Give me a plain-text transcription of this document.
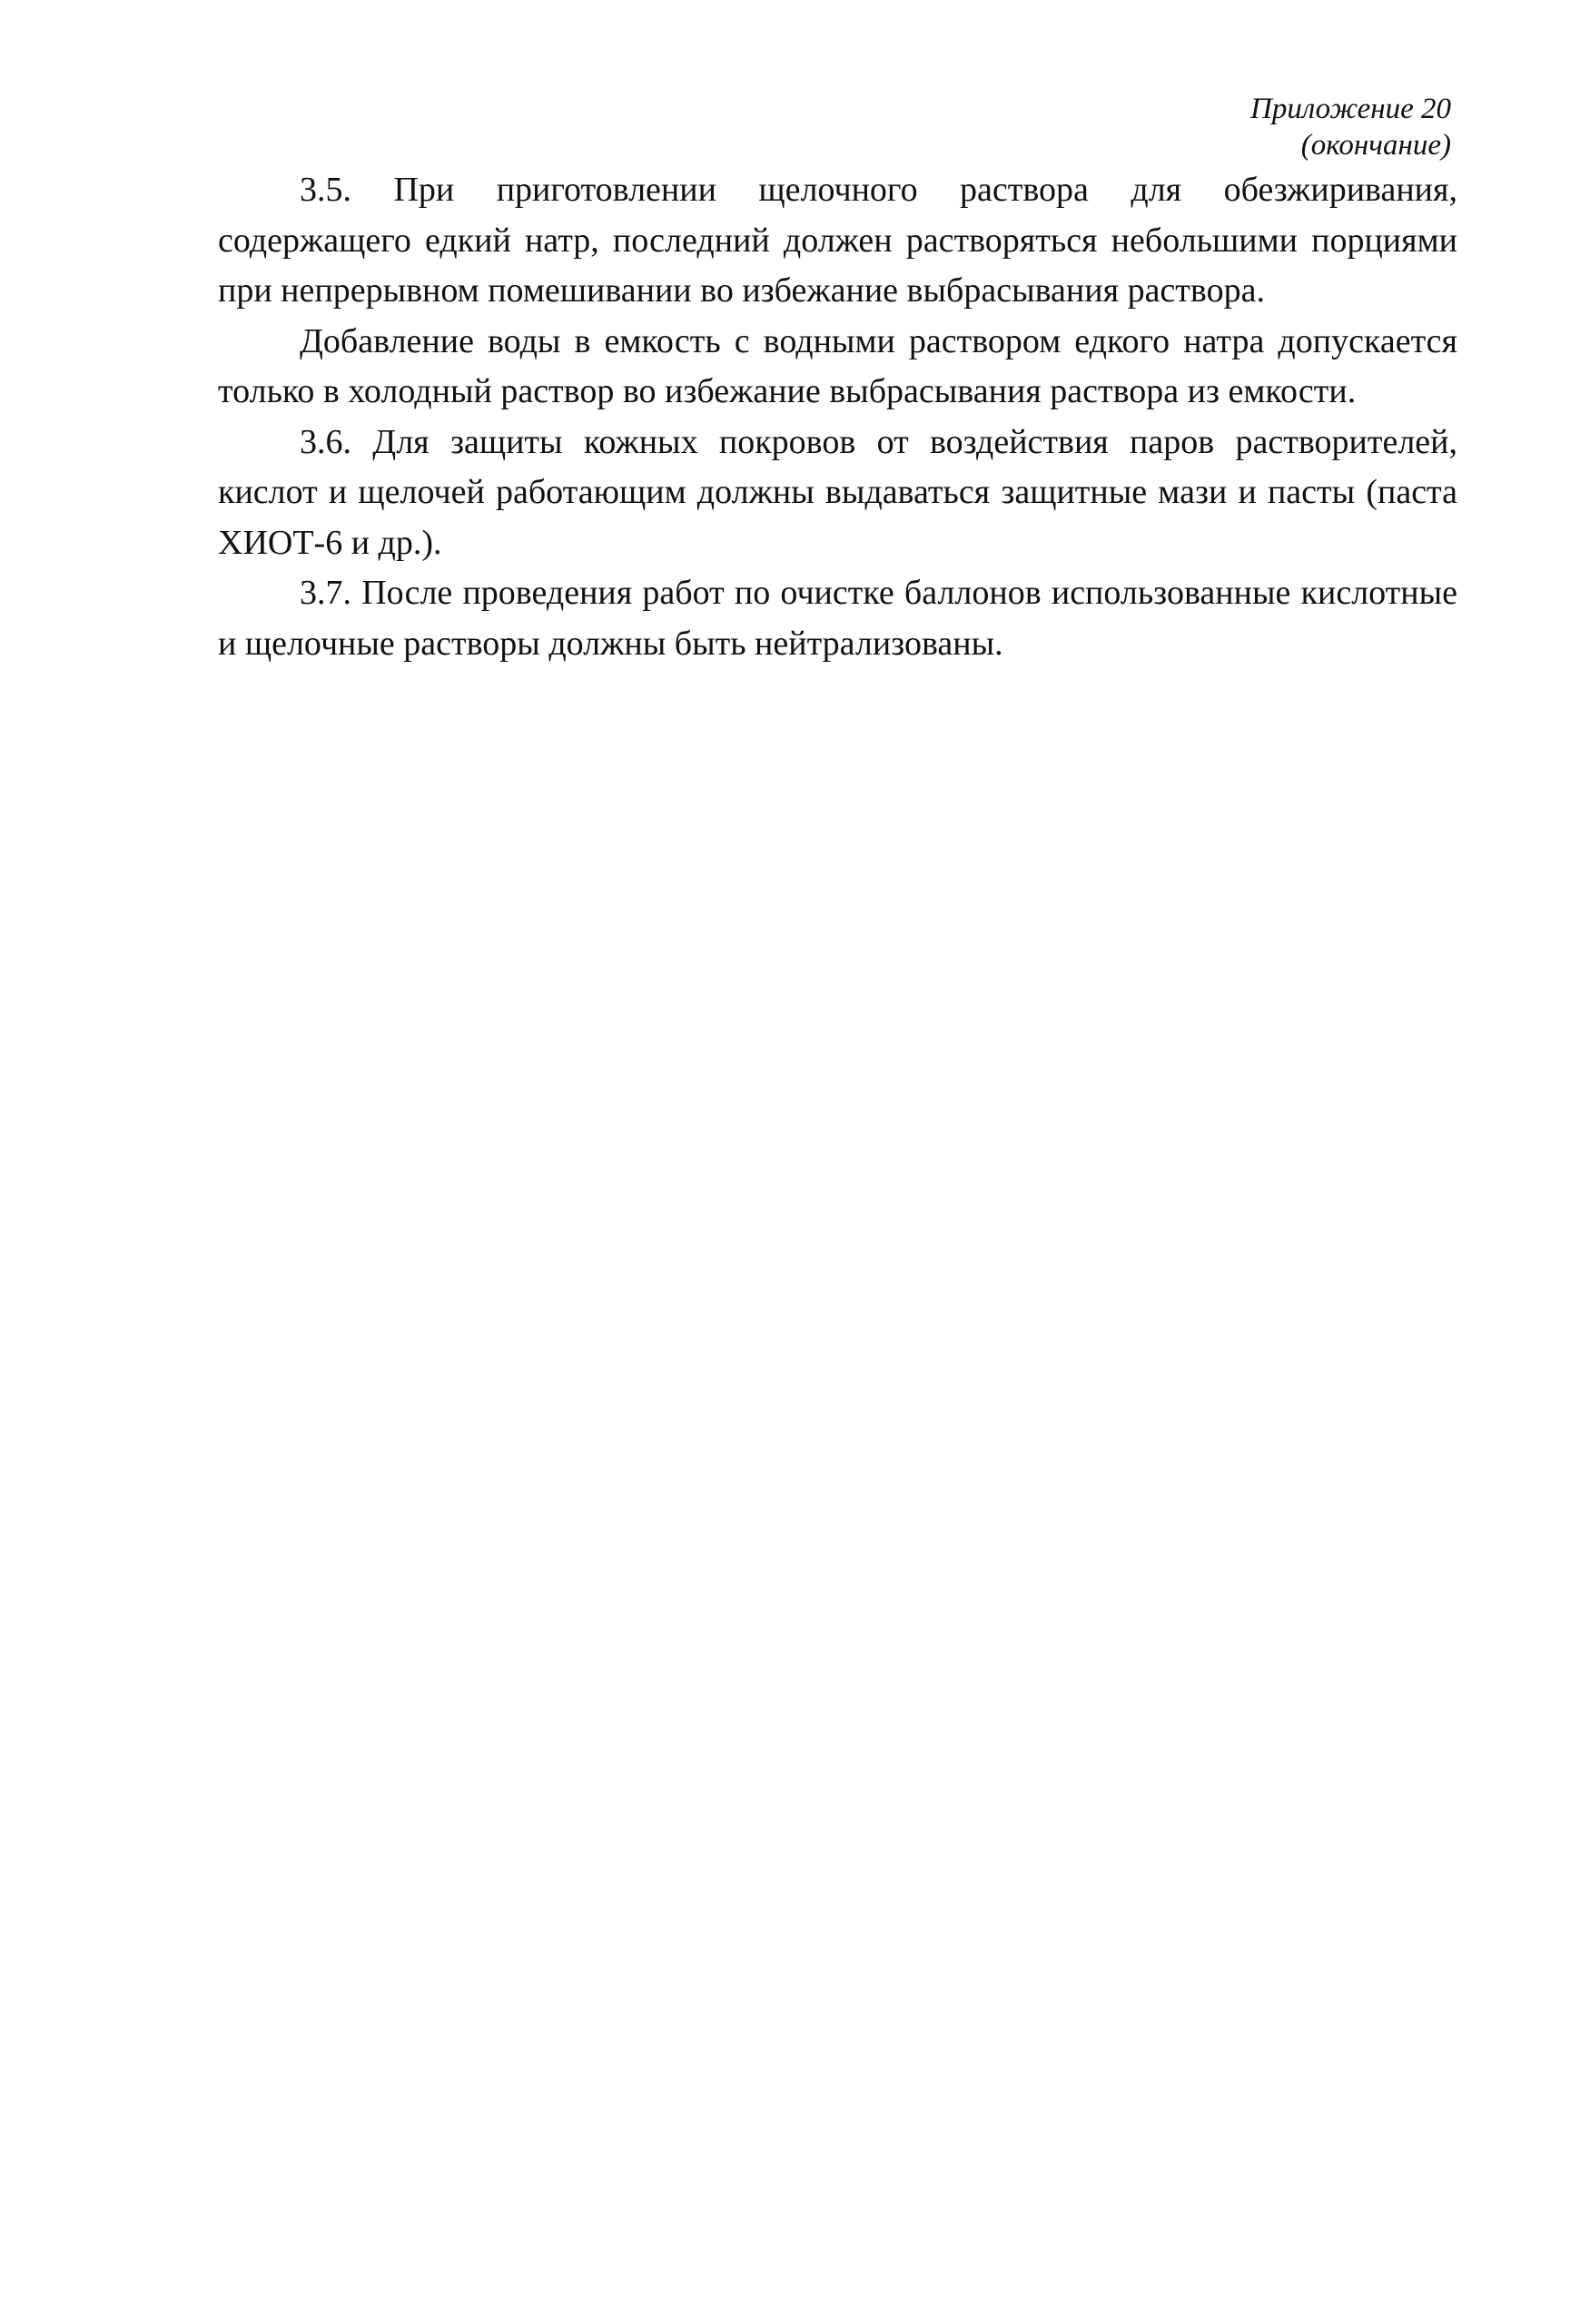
Приложение 20
(окончание)

3.5. При приготовлении щелочного раствора для обезжиривания, содержащего едкий натр, последний должен растворяться небольшими порциями при непрерывном помешивании во избежание выбрасывания раствора.

Добавление воды в емкость с водными раствором едкого натра допускается только в холодный раствор во избежание выбрасывания раствора из емкости.

3.6. Для защиты кожных покровов от воздействия паров растворителей, кислот и щелочей работающим должны выдаваться защитные мази и пасты (паста ХИОТ-6 и др.).

3.7. После проведения работ по очистке баллонов использованные кислотные и щелочные растворы должны быть нейтрализованы.
